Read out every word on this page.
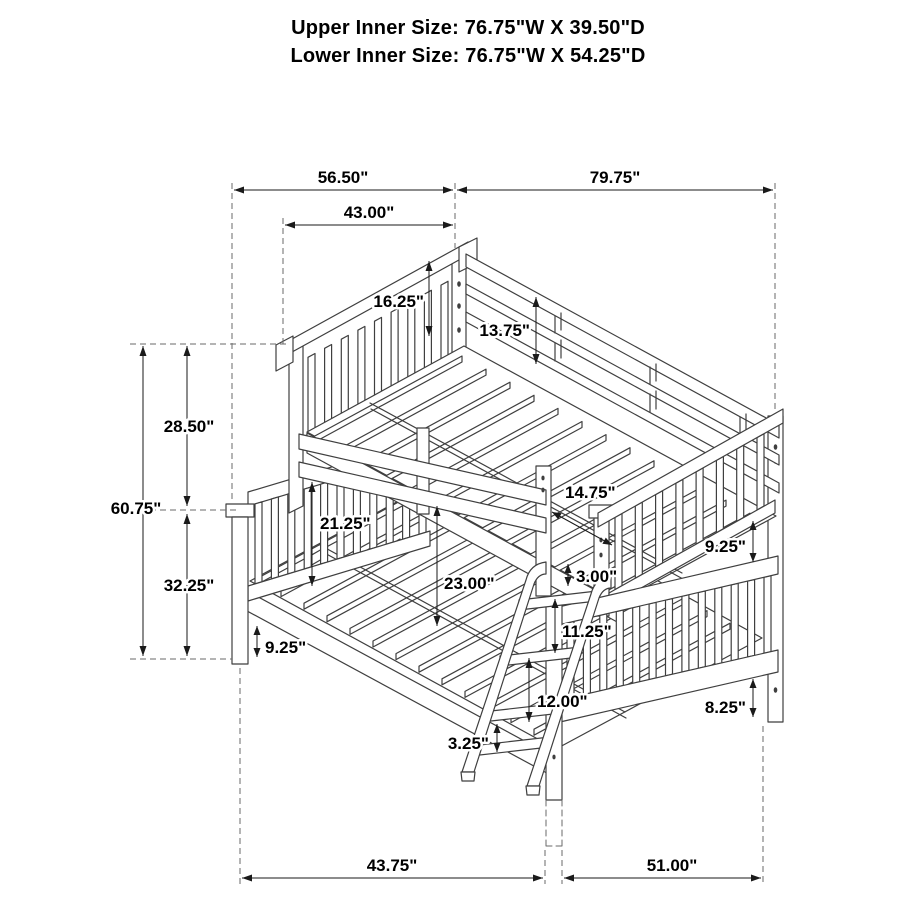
Upper Inner Size: 76.75"W X 39.50"D
Lower Inner Size: 76.75"W X 54.25"D
56.50"	79.75"
43.00"
60.75"
28.50"
32.25"
16.25"
13.75"
21.25"
14.75"
9.25"
3.00"
23.00"
11.25"
9.25"
12.00"
3.25"
8.25"
43.75"	51.00"
